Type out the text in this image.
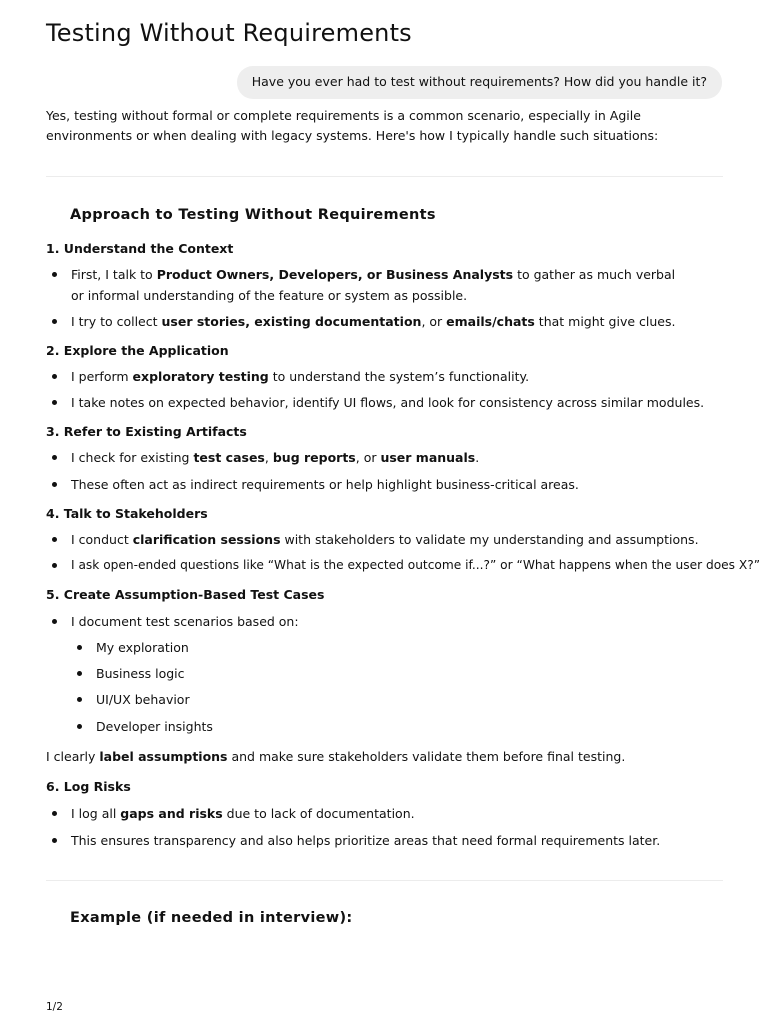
Testing Without Requirements
Have you ever had to test without requirements? How did you handle it?
Yes, testing without formal or complete requirements is a common scenario, especially in Agile environments or when dealing with legacy systems. Here's how I typically handle such situations:
Approach to Testing Without Requirements
1. Understand the Context
First, I talk to Product Owners, Developers, or Business Analysts to gather as much verbal or informal understanding of the feature or system as possible.
I try to collect user stories, existing documentation, or emails/chats that might give clues.
2. Explore the Application
I perform exploratory testing to understand the system’s functionality.
I take notes on expected behavior, identify UI flows, and look for consistency across similar modules.
3. Refer to Existing Artifacts
I check for existing test cases, bug reports, or user manuals.
These often act as indirect requirements or help highlight business-critical areas.
4. Talk to Stakeholders
I conduct clarification sessions with stakeholders to validate my understanding and assumptions.
I ask open-ended questions like “What is the expected outcome if...?” or “What happens when the user does X?”
5. Create Assumption-Based Test Cases
I document test scenarios based on:
My exploration
Business logic
UI/UX behavior
Developer insights
I clearly label assumptions and make sure stakeholders validate them before final testing.
6. Log Risks
I log all gaps and risks due to lack of documentation.
This ensures transparency and also helps prioritize areas that need formal requirements later.
Example (if needed in interview):
1/2
